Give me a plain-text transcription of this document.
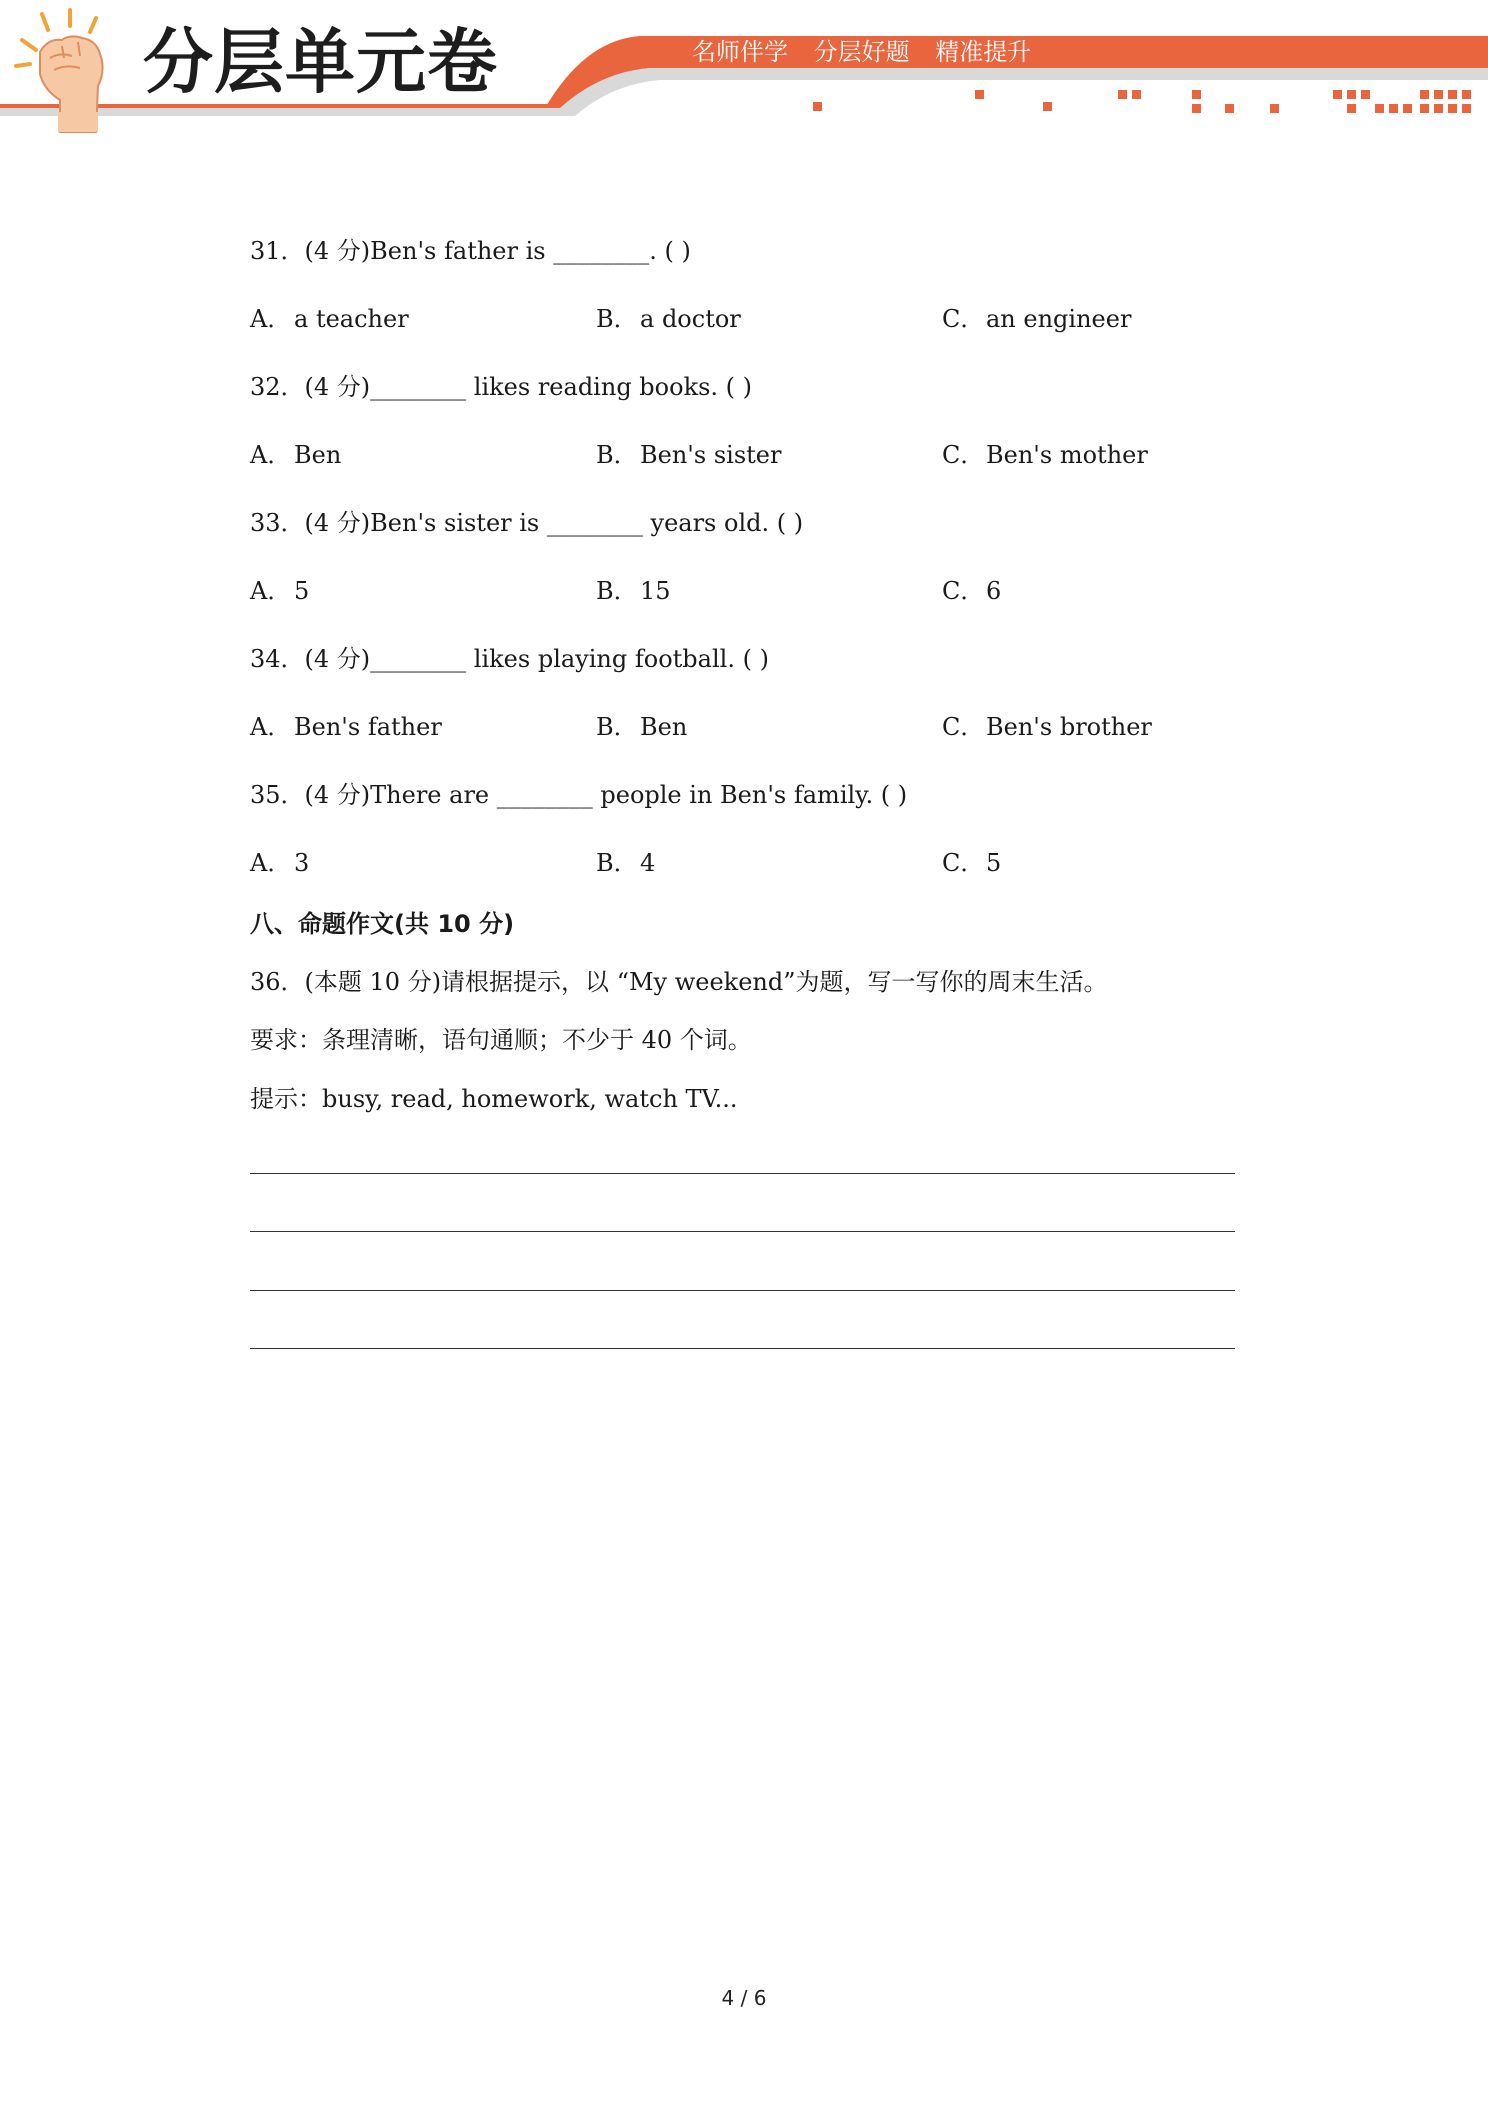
分层单元卷	名师伴学 分层好题 精准提升
31．(4 分)Ben's father is ________. ( )
A． a teacher	B．a doctor	C．an engineer
32．(4 分)________ likes reading books. ( )
A． Ben	B．Ben's sister	C．Ben's mother
33．(4 分)Ben's sister is ________ years old. ( )
A． 5	B．15	C．6
34．(4 分)________ likes playing football. ( )
A． Ben's father	B．Ben	C．Ben's brother
35．(4 分)There are ________ people in Ben's family. ( )
A． 3	B．4	C．5
八、命题作文(共 10 分)
36．(本题 10 分)请根据提示，以 “My weekend”为题，写一写你的周末生活。
要求：条理清晰，语句通顺；不少于 40 个词。
提示：busy, read, homework, watch TV...
4 / 6
